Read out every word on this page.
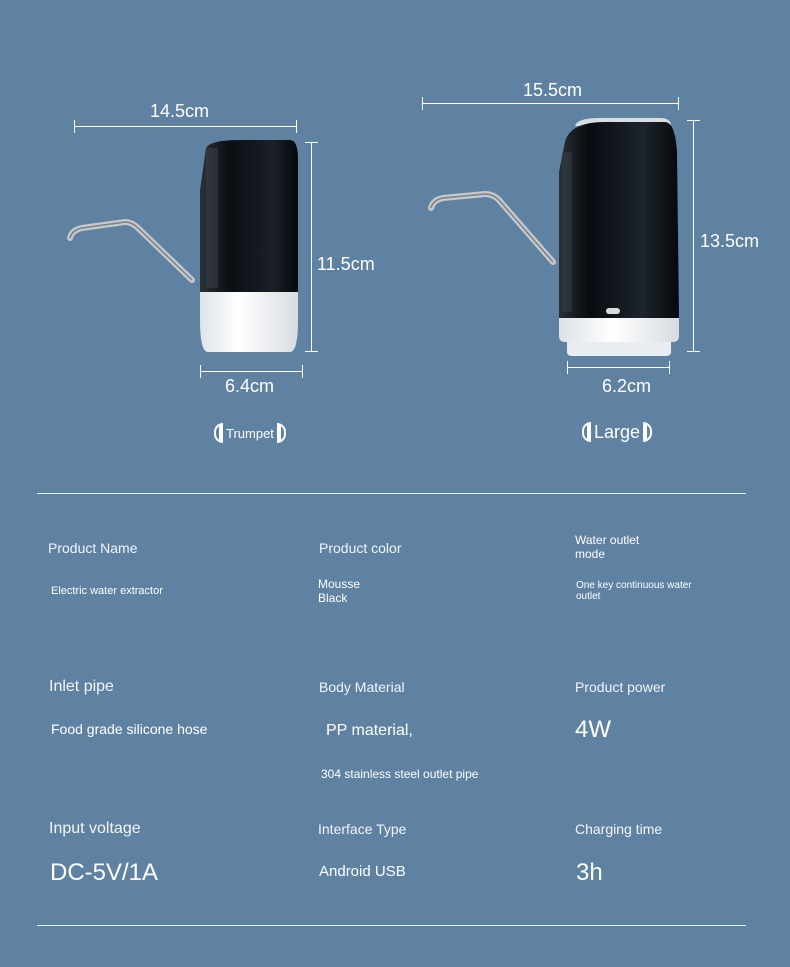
14.5cm
11.5cm
6.4cm
Trumpet
15.5cm
13.5cm
6.2cm
Large
Product Name
Electric water extractor
Product color
Mousse
Black
Water outlet
mode
One key continuous water
outlet
Inlet pipe
Food grade silicone hose
Body Material
PP material,
304 stainless steel outlet pipe
Product power
4W
Input voltage
DC-5V/1A
Interface Type
Android USB
Charging time
3h
